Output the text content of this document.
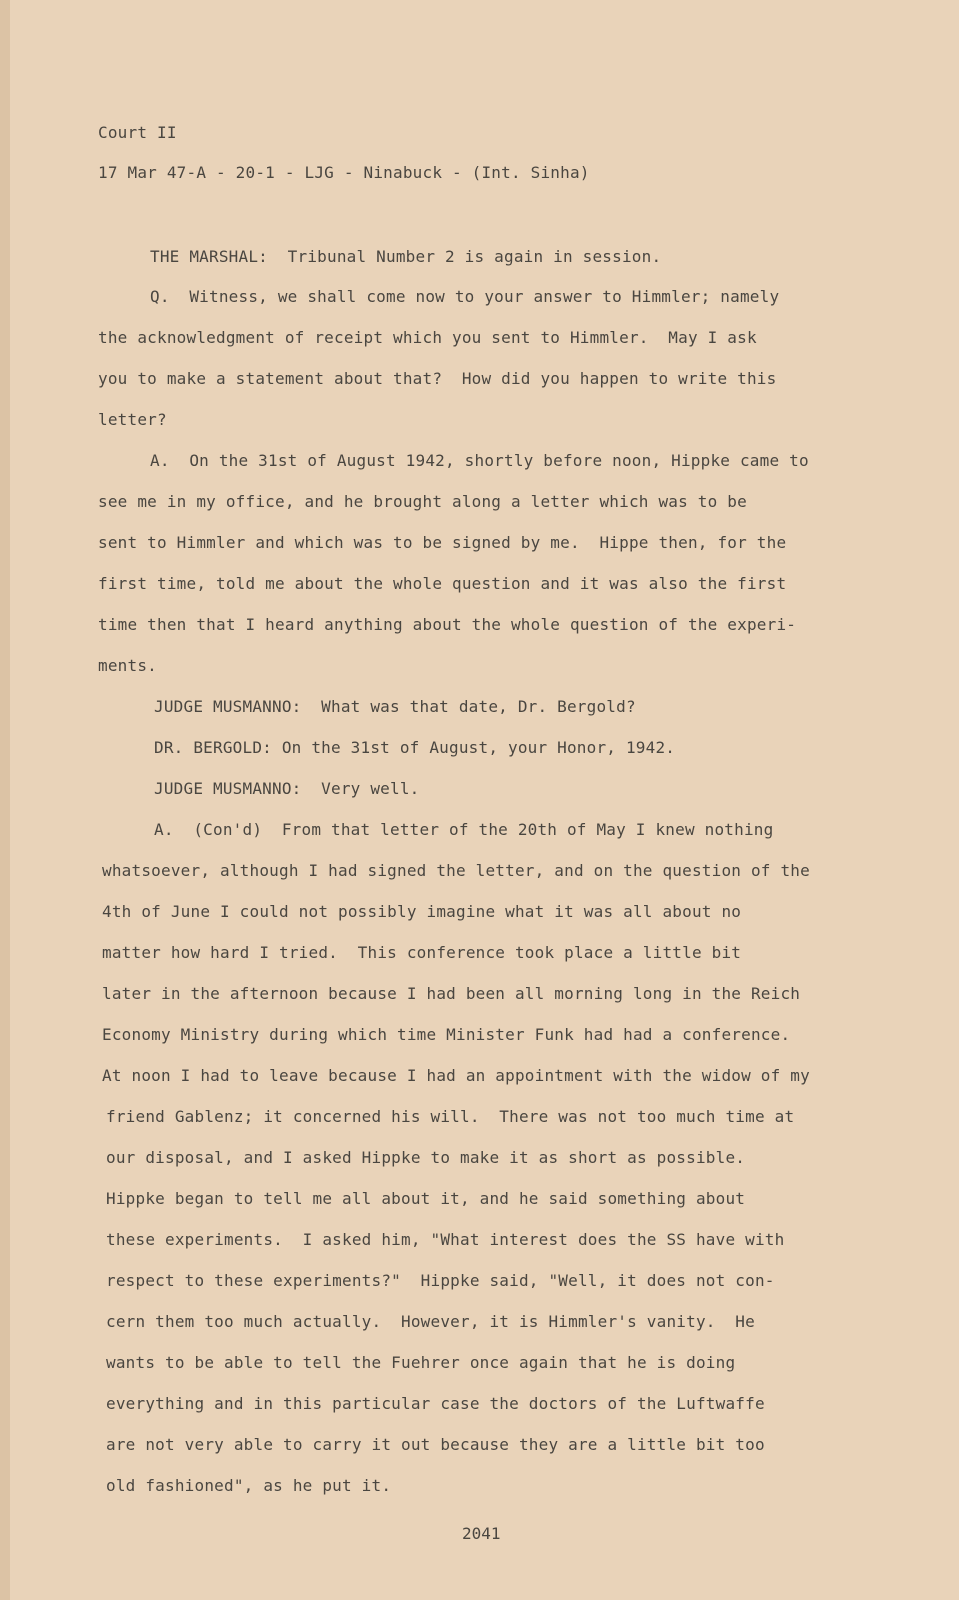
Court II
17 Mar 47-A - 20-1 - LJG - Ninabuck - (Int. Sinha)
THE MARSHAL:  Tribunal Number 2 is again in session.
Q.  Witness, we shall come now to your answer to Himmler; namely
the acknowledgment of receipt which you sent to Himmler.  May I ask
you to make a statement about that?  How did you happen to write this
letter?
A.  On the 31st of August 1942, shortly before noon, Hippke came to
see me in my office, and he brought along a letter which was to be
sent to Himmler and which was to be signed by me.  Hippe then, for the
first time, told me about the whole question and it was also the first
time then that I heard anything about the whole question of the experi-
ments.
JUDGE MUSMANNO:  What was that date, Dr. Bergold?
DR. BERGOLD: On the 31st of August, your Honor, 1942.
JUDGE MUSMANNO:  Very well.
A.  (Con'd)  From that letter of the 20th of May I knew nothing
whatsoever, although I had signed the letter, and on the question of the
4th of June I could not possibly imagine what it was all about no
matter how hard I tried.  This conference took place a little bit
later in the afternoon because I had been all morning long in the Reich
Economy Ministry during which time Minister Funk had had a conference.
At noon I had to leave because I had an appointment with the widow of my
friend Gablenz; it concerned his will.  There was not too much time at
our disposal, and I asked Hippke to make it as short as possible.
Hippke began to tell me all about it, and he said something about
these experiments.  I asked him, "What interest does the SS have with
respect to these experiments?"  Hippke said, "Well, it does not con-
cern them too much actually.  However, it is Himmler's vanity.  He
wants to be able to tell the Fuehrer once again that he is doing
everything and in this particular case the doctors of the Luftwaffe
are not very able to carry it out because they are a little bit too
old fashioned", as he put it.
2041
